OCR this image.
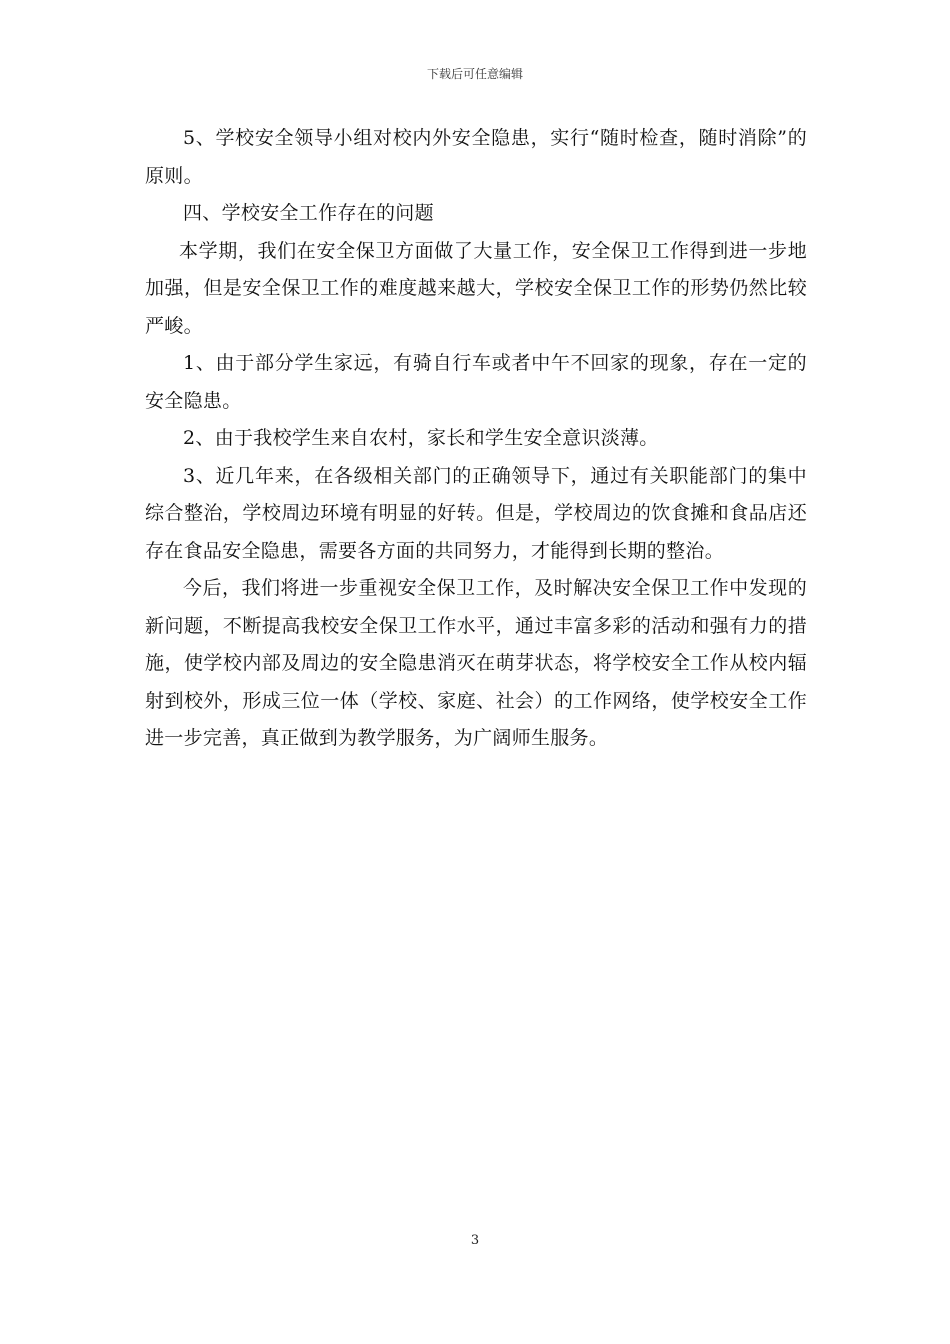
下载后可任意编辑

5、学校安全领导小组对校内外安全隐患，实行“随时检查，随时消除”的原则。

四、学校安全工作存在的问题

本学期，我们在安全保卫方面做了大量工作，安全保卫工作得到进一步地加强，但是安全保卫工作的难度越来越大，学校安全保卫工作的形势仍然比较严峻。

1、由于部分学生家远，有骑自行车或者中午不回家的现象，存在一定的安全隐患。

2、由于我校学生来自农村，家长和学生安全意识淡薄。

3、近几年来，在各级相关部门的正确领导下，通过有关职能部门的集中综合整治，学校周边环境有明显的好转。但是，学校周边的饮食摊和食品店还存在食品安全隐患，需要各方面的共同努力，才能得到长期的整治。

今后，我们将进一步重视安全保卫工作，及时解决安全保卫工作中发现的新问题，不断提高我校安全保卫工作水平，通过丰富多彩的活动和强有力的措施，使学校内部及周边的安全隐患消灭在萌芽状态，将学校安全工作从校内辐射到校外，形成三位一体（学校、家庭、社会）的工作网络，使学校安全工作进一步完善，真正做到为教学服务，为广阔师生服务。

3
